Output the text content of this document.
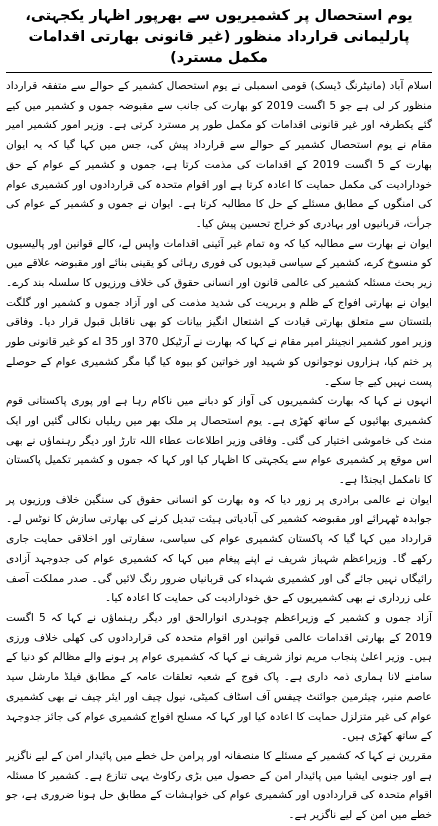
یوم استحصال پر کشمیریوں سے بھرپور اظہار یکجہتی، پارلیمانی قرارداد منظور (غیر قانونی بھارتی اقدامات مکمل مسترد)

اسلام آباد (مانیٹرنگ ڈیسک) قومی اسمبلی نے یوم استحصال کشمیر کے حوالے سے متفقہ قرارداد منظور کر لی ہے جو 5 اگست 2019 کو بھارت کی جانب سے مقبوضہ جموں و کشمیر میں کیے گئے یکطرفہ اور غیر قانونی اقدامات کو مکمل طور پر مسترد کرتی ہے۔ وزیر امور کشمیر امیر مقام نے یوم استحصال کشمیر کے حوالے سے قرارداد پیش کی، جس میں کہا گیا کہ یہ ایوان بھارت کے 5 اگست 2019 کے اقدامات کی مذمت کرتا ہے، جموں و کشمیر کے عوام کے حق خودارادیت کی مکمل حمایت کا اعادہ کرتا ہے اور اقوام متحدہ کی قراردادوں اور کشمیری عوام کی امنگوں کے مطابق مسئلے کے حل کا مطالبہ کرتا ہے۔ ایوان نے جموں و کشمیر کے عوام کی جرأت، قربانیوں اور بہادری کو خراج تحسین پیش کیا۔

ایوان نے بھارت سے مطالبہ کیا کہ وہ تمام غیر آئینی اقدامات واپس لے، کالے قوانین اور پالیسیوں کو منسوخ کرے، کشمیر کے سیاسی قیدیوں کی فوری رہائی کو یقینی بنائے اور مقبوضہ علاقے میں زیر بحث مسئلہ کشمیر کی عالمی قانون اور انسانی حقوق کی خلاف ورزیوں کا سلسلہ بند کرے۔ ایوان نے بھارتی افواج کے ظلم و بربریت کی شدید مذمت کی اور آزاد جموں و کشمیر اور گلگت بلتستان سے متعلق بھارتی قیادت کے اشتعال انگیز بیانات کو بھی ناقابل قبول قرار دیا۔ وفاقی وزیر امور کشمیر انجینئر امیر مقام نے کہا کہ بھارت نے آرٹیکل 370 اور 35 اے کو غیر قانونی طور پر ختم کیا، ہزاروں نوجوانوں کو شہید اور خواتین کو بیوہ کیا گیا مگر کشمیری عوام کے حوصلے پست نہیں کیے جا سکے۔

انہوں نے کہا کہ بھارت کشمیریوں کی آواز کو دبانے میں ناکام رہا ہے اور پوری پاکستانی قوم کشمیری بھائیوں کے ساتھ کھڑی ہے۔ یوم استحصال پر ملک بھر میں ریلیاں نکالی گئیں اور ایک منٹ کی خاموشی اختیار کی گئی۔ وفاقی وزیر اطلاعات عطاء اللہ تارڑ اور دیگر رہنماؤں نے بھی اس موقع پر کشمیری عوام سے یکجہتی کا اظہار کیا اور کہا کہ جموں و کشمیر تکمیل پاکستان کا نامکمل ایجنڈا ہے۔

ایوان نے عالمی برادری پر زور دیا کہ وہ بھارت کو انسانی حقوق کی سنگین خلاف ورزیوں پر جوابدہ ٹھہرائے اور مقبوضہ کشمیر کی آبادیاتی ہیئت تبدیل کرنے کی بھارتی سازش کا نوٹس لے۔ قرارداد میں کہا گیا کہ پاکستان کشمیری عوام کی سیاسی، سفارتی اور اخلاقی حمایت جاری رکھے گا۔ وزیراعظم شہباز شریف نے اپنے پیغام میں کہا کہ کشمیری عوام کی جدوجہد آزادی رائیگاں نہیں جائے گی اور کشمیری شہداء کی قربانیاں ضرور رنگ لائیں گی۔ صدر مملکت آصف علی زرداری نے بھی کشمیریوں کے حق خودارادیت کی حمایت کا اعادہ کیا۔

آزاد جموں و کشمیر کے وزیراعظم چوہدری انوارالحق اور دیگر رہنماؤں نے کہا کہ 5 اگست 2019 کے بھارتی اقدامات عالمی قوانین اور اقوام متحدہ کی قراردادوں کی کھلی خلاف ورزی ہیں۔ وزیر اعلیٰ پنجاب مریم نواز شریف نے کہا کہ کشمیری عوام پر ہونے والے مظالم کو دنیا کے سامنے لانا ہماری ذمہ داری ہے۔ پاک فوج کے شعبہ تعلقات عامہ کے مطابق فیلڈ مارشل سید عاصم منیر، چیئرمین جوائنٹ چیفس آف اسٹاف کمیٹی، نیول چیف اور ایئر چیف نے بھی کشمیری عوام کی غیر متزلزل حمایت کا اعادہ کیا اور کہا کہ مسلح افواج کشمیری عوام کی جائز جدوجہد کے ساتھ کھڑی ہیں۔

مقررین نے کہا کہ کشمیر کے مسئلے کا منصفانہ اور پرامن حل خطے میں پائیدار امن کے لیے ناگزیر ہے اور جنوبی ایشیا میں پائیدار امن کے حصول میں بڑی رکاوٹ یہی تنازع ہے۔ کشمیر کا مسئلہ اقوام متحدہ کی قراردادوں اور کشمیری عوام کی خواہشات کے مطابق حل ہونا ضروری ہے، جو خطے میں امن کے لیے ناگزیر ہے۔
